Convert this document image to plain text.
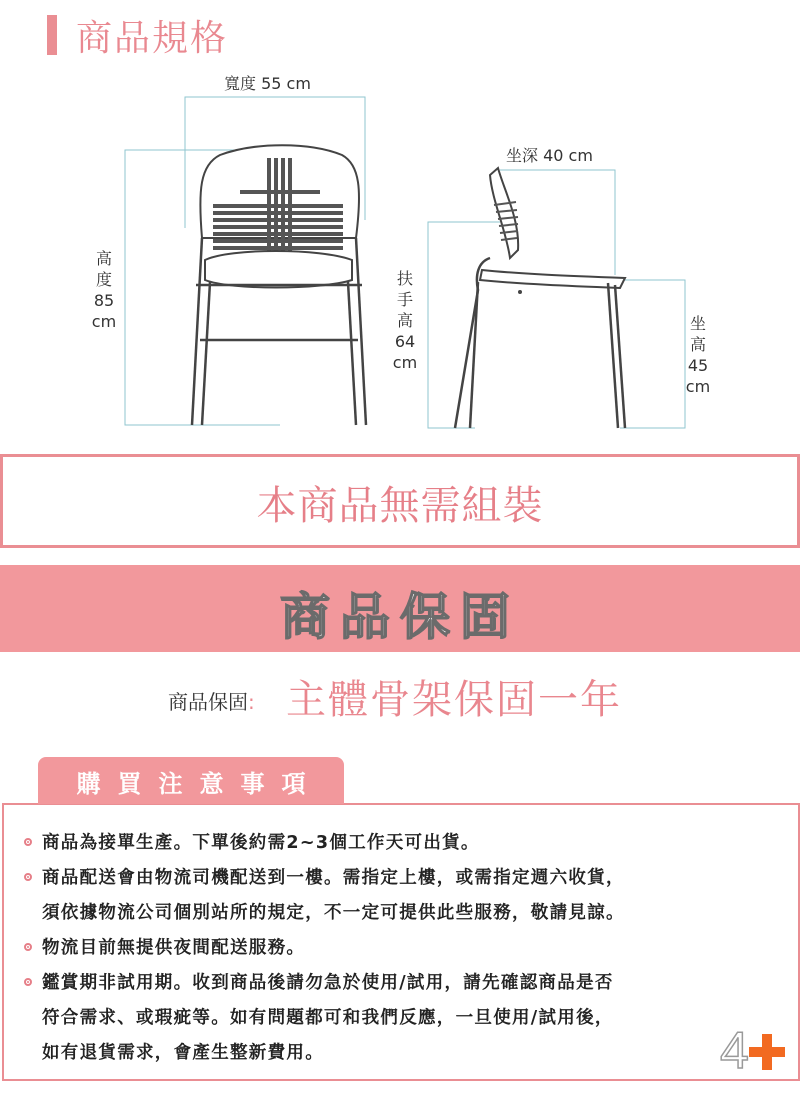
商品規格
寬度 55 cm
高
度
85
cm
坐深 40 cm
扶
手
高
64
cm
坐
高
45
cm
本商品無需組裝
商品保固
商品保固: 主體骨架保固一年
購買注意事項
商品為接單生產。下單後約需2~3個工作天可出貨。
商品配送會由物流司機配送到一樓。需指定上樓，或需指定週六收貨，
須依據物流公司個別站所的規定，不一定可提供此些服務，敬請見諒。
物流目前無提供夜間配送服務。
鑑賞期非試用期。收到商品後請勿急於使用/試用，請先確認商品是否
符合需求、或瑕疵等。如有問題都可和我們反應，一旦使用/試用後，
如有退貨需求，會產生整新費用。	4
